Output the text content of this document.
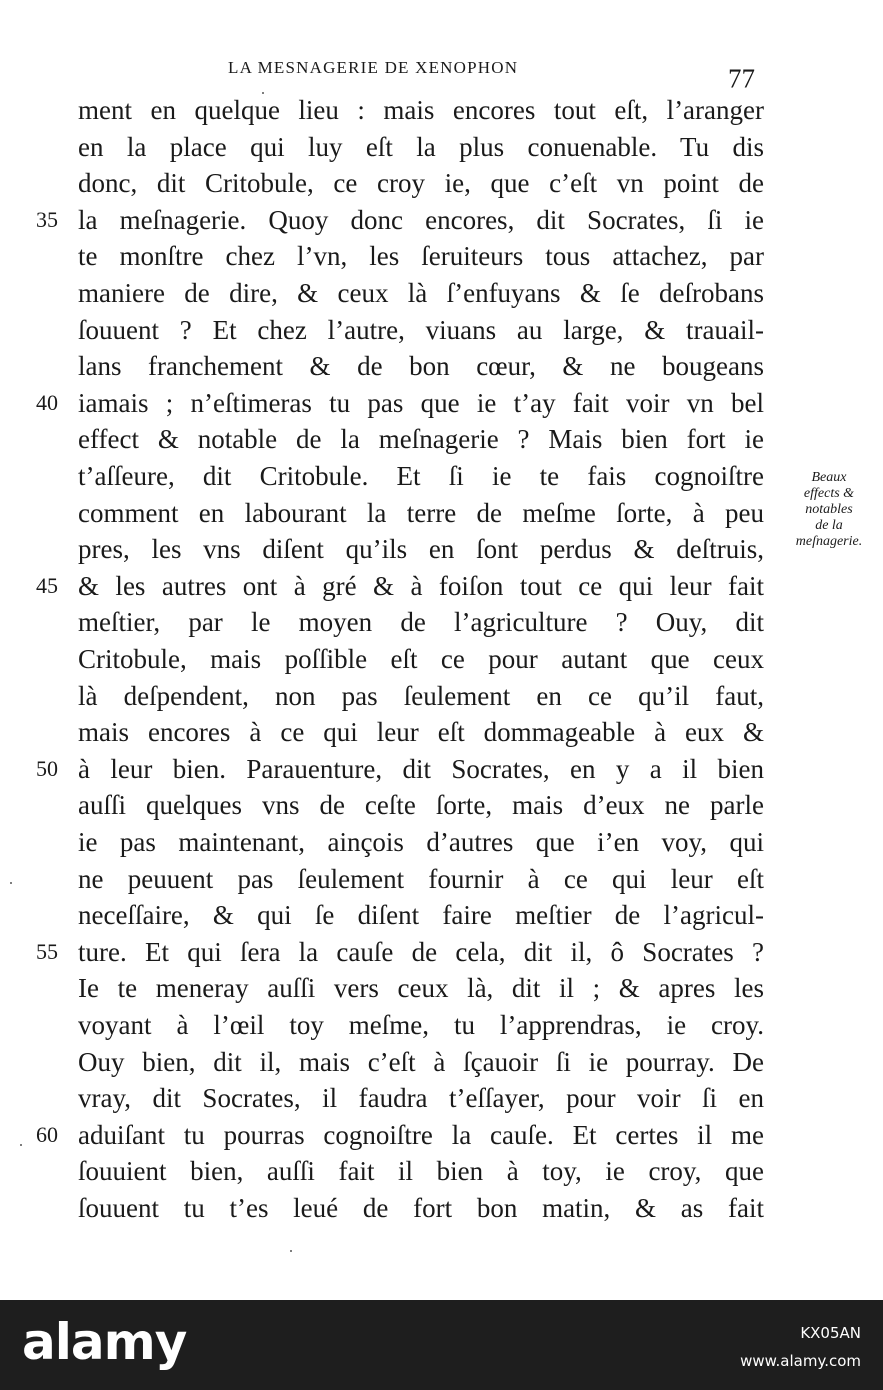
LA MESNAGERIE DE XENOPHON	77
ment en quelque lieu : mais encores tout eſt, l’aranger
en la place qui luy eſt la plus conuenable. Tu dis
donc, dit Critobule, ce croy ie, que c’eſt vn point de
la meſnagerie. Quoy donc encores, dit Socrates, ſi ie
te monſtre chez l’vn, les ſeruiteurs tous attachez, par
maniere de dire, & ceux là ſ’enfuyans & ſe deſrobans
ſouuent ? Et chez l’autre, viuans au large, & trauail-
lans franchement & de bon cœur, & ne bougeans
iamais ; n’eſtimeras tu pas que ie t’ay fait voir vn bel
effect & notable de la meſnagerie ? Mais bien fort ie
t’aſſeure, dit Critobule. Et ſi ie te fais cognoiſtre
comment en labourant la terre de meſme ſorte, à peu
pres, les vns diſent qu’ils en ſont perdus & deſtruis,
& les autres ont à gré & à foiſon tout ce qui leur fait
meſtier, par le moyen de l’agriculture ? Ouy, dit
Critobule, mais poſſible eſt ce pour autant que ceux
là deſpendent, non pas ſeulement en ce qu’il faut,
mais encores à ce qui leur eſt dommageable à eux &
à leur bien. Parauenture, dit Socrates, en y a il bien
auſſi quelques vns de ceſte ſorte, mais d’eux ne parle
ie pas maintenant, ainçois d’autres que i’en voy, qui
ne peuuent pas ſeulement fournir à ce qui leur eſt
neceſſaire, & qui ſe diſent faire meſtier de l’agricul-
ture. Et qui ſera la cauſe de cela, dit il, ô Socrates ?
Ie te meneray auſſi vers ceux là, dit il ; & apres les
voyant à l’œil toy meſme, tu l’apprendras, ie croy.
Ouy bien, dit il, mais c’eſt à ſçauoir ſi ie pourray. De
vray, dit Socrates, il faudra t’eſſayer, pour voir ſi en
aduiſant tu pourras cognoiſtre la cauſe. Et certes il me
ſouuient bien, auſſi fait il bien à toy, ie croy, que
ſouuent tu t’es leué de fort bon matin, & as fait
35
40
45
50
55
60
Beaux
effects &
notables
de la
meſnagerie.
alamy	KX05AN
www.alamy.com
